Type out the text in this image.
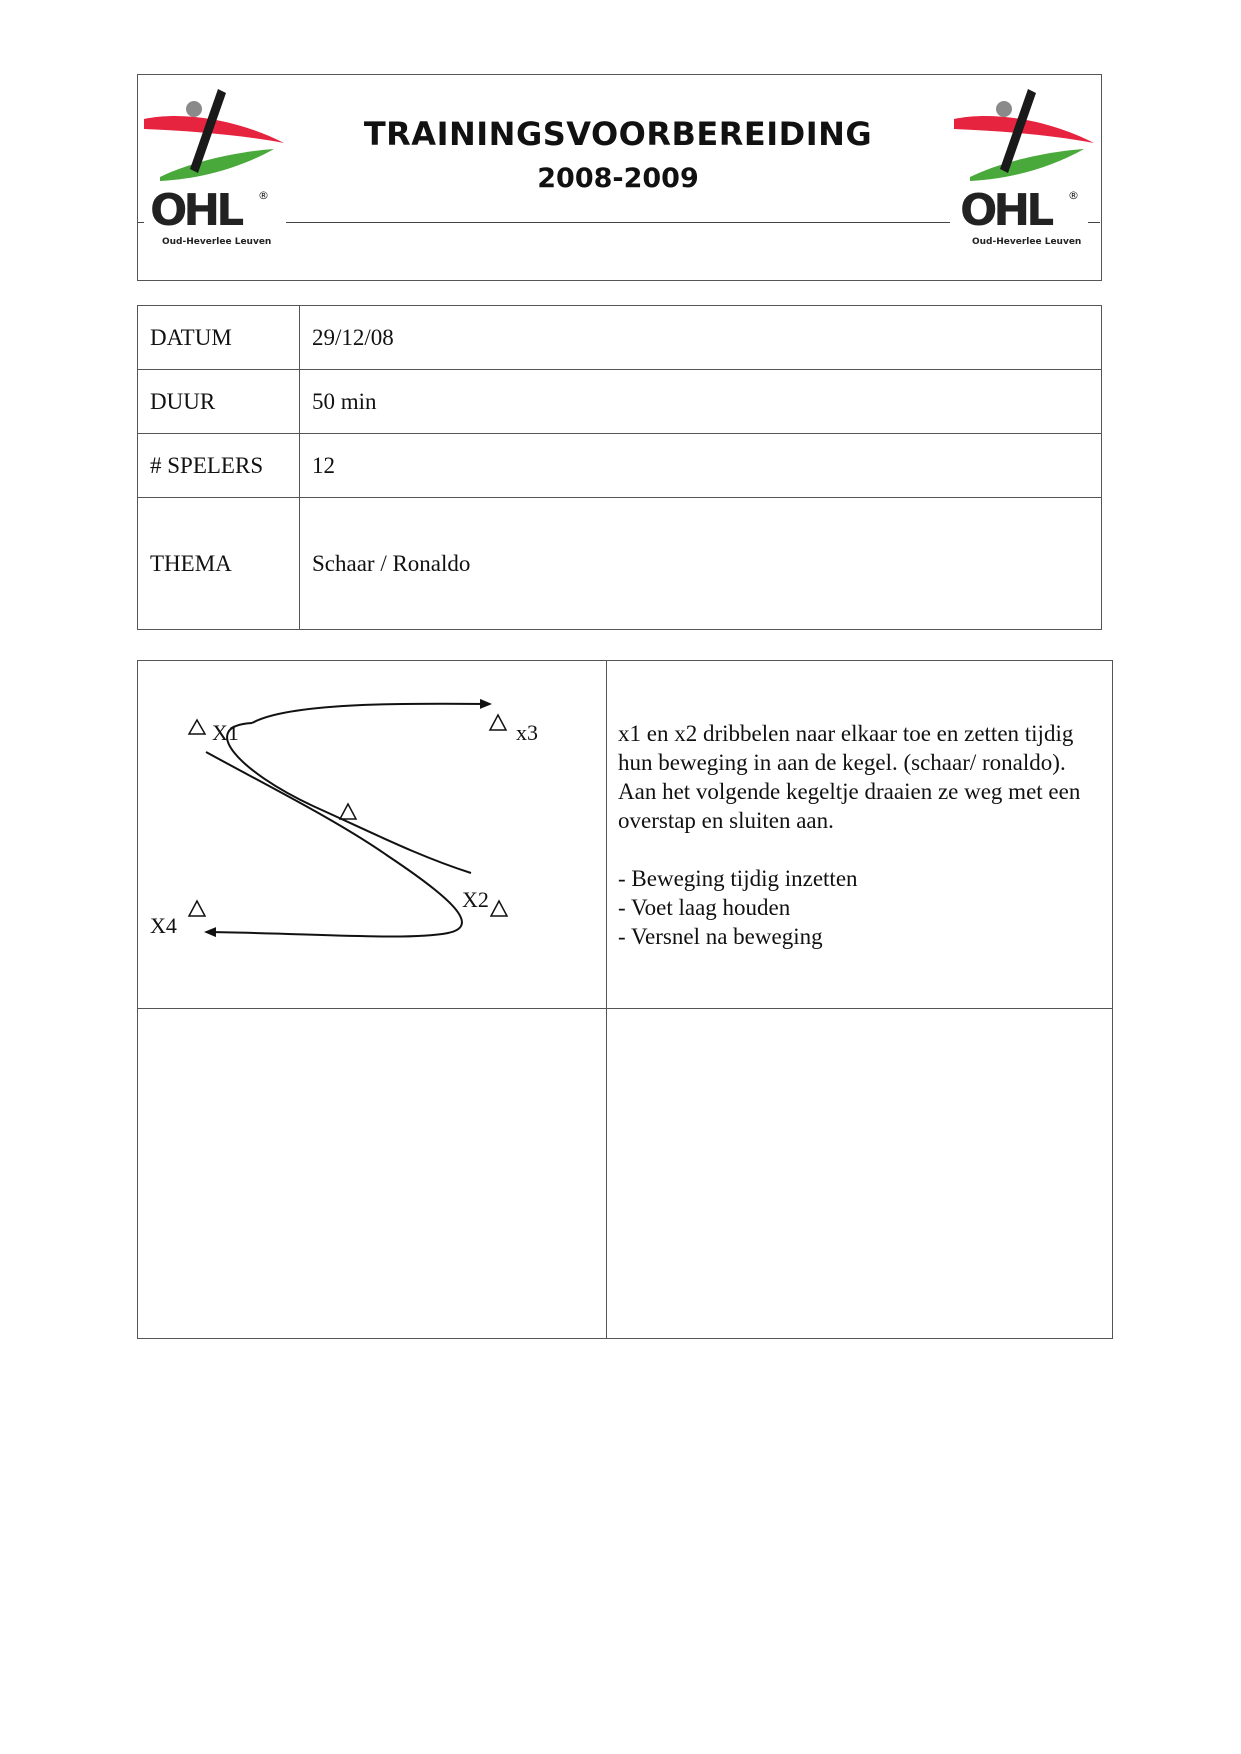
OHL ®
Oud-Heverlee Leuven
TRAININGSVOORBEREIDING
2008-2009
OHL ®
Oud-Heverlee Leuven
DATUM	29/12/08
DUUR	50 min
# SPELERS	12
THEMA	Schaar / Ronaldo
X1	x3
X2
X4

x1 en x2 dribbelen naar elkaar toe en zetten tijdig hun beweging in aan de kegel. (schaar/ ronaldo). Aan het volgende kegeltje draaien ze weg met een overstap en sluiten aan.

- Beweging tijdig inzetten
- Voet laag houden
- Versnel na beweging
